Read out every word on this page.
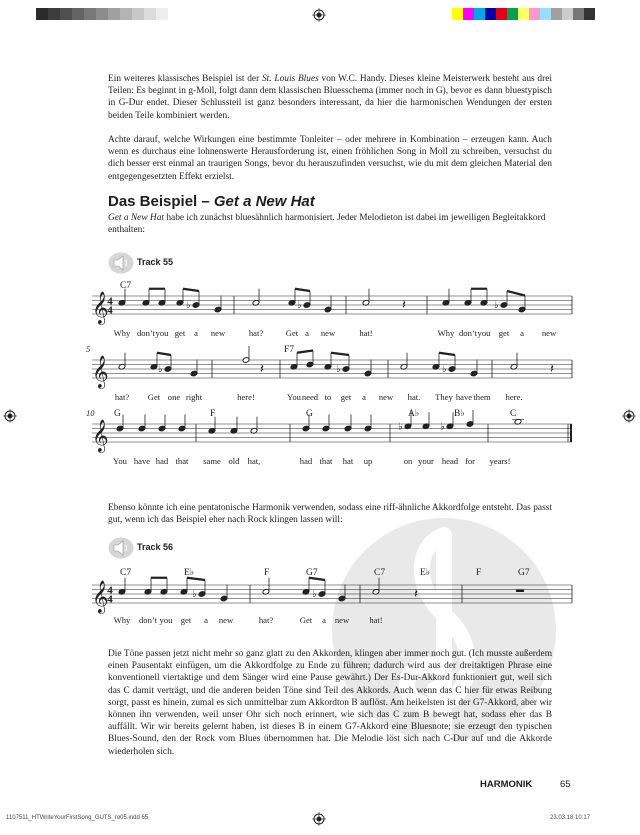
Ein weiteres klassisches Beispiel ist der St. Louis Blues von W.C. Handy. Dieses kleine Meisterwerk besteht aus drei Teilen: Es beginnt in g-Moll, folgt dann dem klassischen Bluesschema (immer noch in G), bevor es dann bluestypisch in G-Dur endet. Dieser Schlussteil ist ganz besonders interessant, da hier die harmonischen Wendungen der ersten beiden Teile kombiniert werden.
Achte darauf, welche Wirkungen eine bestimmte Tonleiter – oder mehrere in Kombination – erzeugen kann. Auch wenn es durchaus eine lohnenswerte Herausforderung ist, einen fröhlichen Song in Moll zu schreiben, versuchst du dich besser erst einmal an traurigen Songs, bevor du herauszufinden versuchst, wie du mit dem gleichen Material den entgegengesetzten Effekt erzielst.
Das Beispiel – Get a New Hat
Get a New Hat habe ich zunächst bluesähnlich harmonisiert. Jeder Melodieton ist dabei im jeweiligen Begleitakkord enthalten:
Track 55
𝄞
4
4
C7
♭	♭	♭
𝄽
Why don’t you get a new	hat?	Get a new	hat!	Why don’t you get a new
𝄞
5	F7
♭	♭	♭
𝄽	𝄽
hat? Get one right	here!	You need to get a new hat. They have them here.
𝄞
10 G	F	G	A♭	B♭	C
♭	♭
You have had that same old hat,	had that hat up	on your head for years!
Ebenso könnte ich eine pentatonische Harmonik verwenden, sodass eine riff-ähnliche Akkordfolge entsteht. Das passt gut, wenn ich das Beispiel eher nach Rock klingen lassen will:
Track 56
𝄞
4
4
C7	E♭	F	G7	C7	E♭	F	G7
♭	♭	𝄽
Why don’t you get a new	hat?	Get a new hat!
Die Töne passen jetzt nicht mehr so ganz glatt zu den Akkorden, klingen aber immer noch gut. (Ich musste außerdem einen Pausentakt einfügen, um die Akkordfolge zu Ende zu führen; dadurch wird aus der dreitaktigen Phrase eine konventionell viertaktige und dem Sänger wird eine Pause gewährt.) Der Es-Dur-Akkord funktioniert gut, weil sich das C damit verträgt, und die anderen beiden Töne sind Teil des Akkords. Auch wenn das C hier für etwas Reibung sorgt, passt es hinein, zumal es sich unmittelbar zum Akkordton B auflöst. Am heikelsten ist der G7-Akkord, aber wir können ihn verwenden, weil unser Ohr sich noch erinnert, wie sich das C zum B bewegt hat, sodass eher das B auffällt. Wir wir bereits gelernt haben, ist dieses B in einem G7-Akkord eine Bluesnote; sie erzeugt den typischen Blues-Sound, den der Rock vom Blues übernommen hat. Die Melodie löst sich nach C-Dur auf und die Akkorde wiederholen sich.
HARMONIK	65
1107511_HTWriteYourFirstSong_GUTS_ro05.indd 65	23.03.18 10:17
